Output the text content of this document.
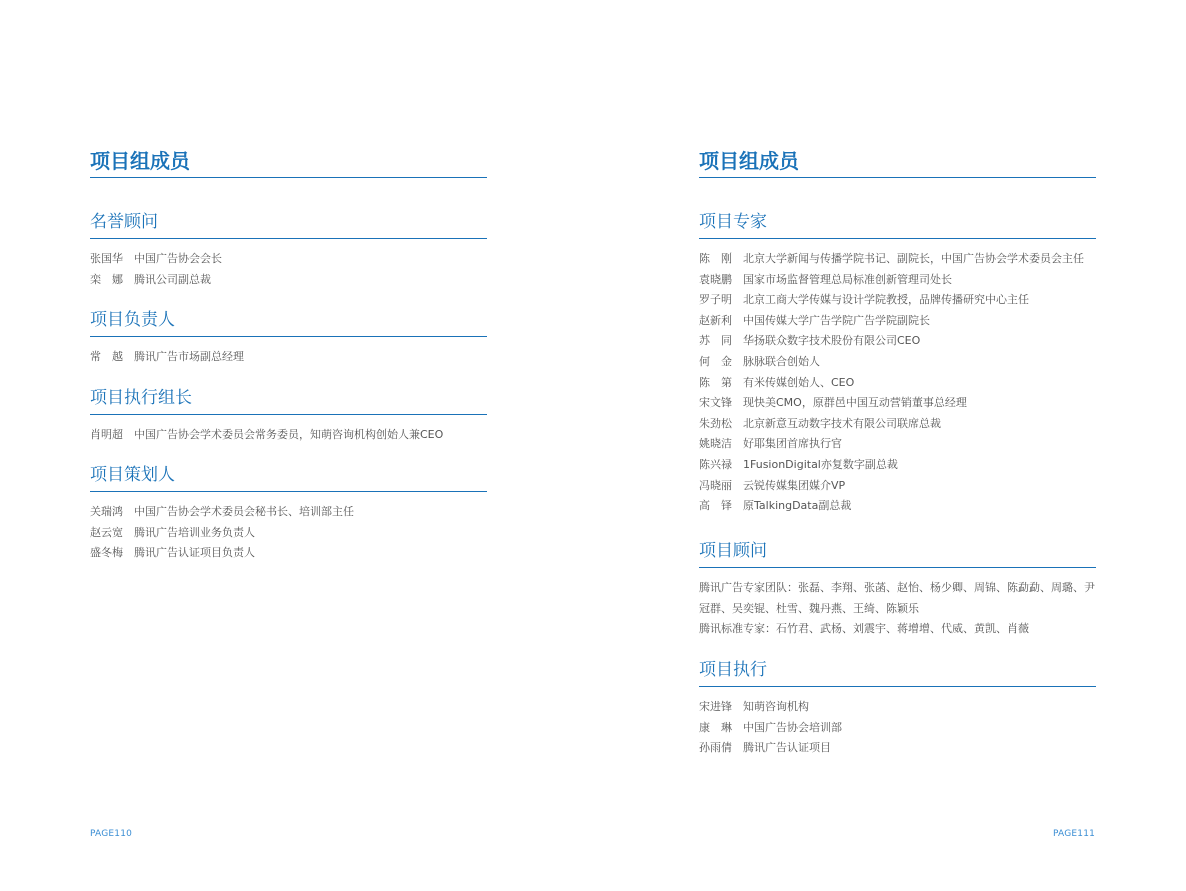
项目组成员
名誉顾问
张国华 中国广告协会会长
栾　娜 腾讯公司副总裁
项目负责人
常　越 腾讯广告市场副总经理
项目执行组长
肖明超 中国广告协会学术委员会常务委员，知萌咨询机构创始人兼CEO
项目策划人
关瑞鸿 中国广告协会学术委员会秘书长、培训部主任
赵云宽 腾讯广告培训业务负责人
盛冬梅 腾讯广告认证项目负责人
项目组成员
项目专家
陈　刚 北京大学新闻与传播学院书记、副院长，中国广告协会学术委员会主任
袁晓鹏 国家市场监督管理总局标准创新管理司处长
罗子明 北京工商大学传媒与设计学院教授，品牌传播研究中心主任
赵新利 中国传媒大学广告学院广告学院副院长
苏　同 华扬联众数字技术股份有限公司CEO
何　金 脉脉联合创始人
陈　第 有米传媒创始人、CEO
宋文锋 现快美CMO，原群邑中国互动营销董事总经理
朱劲松 北京新意互动数字技术有限公司联席总裁
姚晓洁 好耶集团首席执行官
陈兴禄 1FusionDigital亦复数字副总裁
冯晓丽 云锐传媒集团媒介VP
高　铎 原TalkingData副总裁
项目顾问
腾讯广告专家团队：张磊、李翔、张菡、赵怡、杨少卿、周锦、陈勐勐、周璐、尹冠群、吴奕锟、杜雪、魏丹燕、王绮、陈颖乐
腾讯标准专家：石竹君、武杨、刘震宇、蒋增增、代威、黄凯、肖薇
项目执行
宋进锋 知萌咨询机构
康　琳 中国广告协会培训部
孙雨倩 腾讯广告认证项目
PAGE110	PAGE111
